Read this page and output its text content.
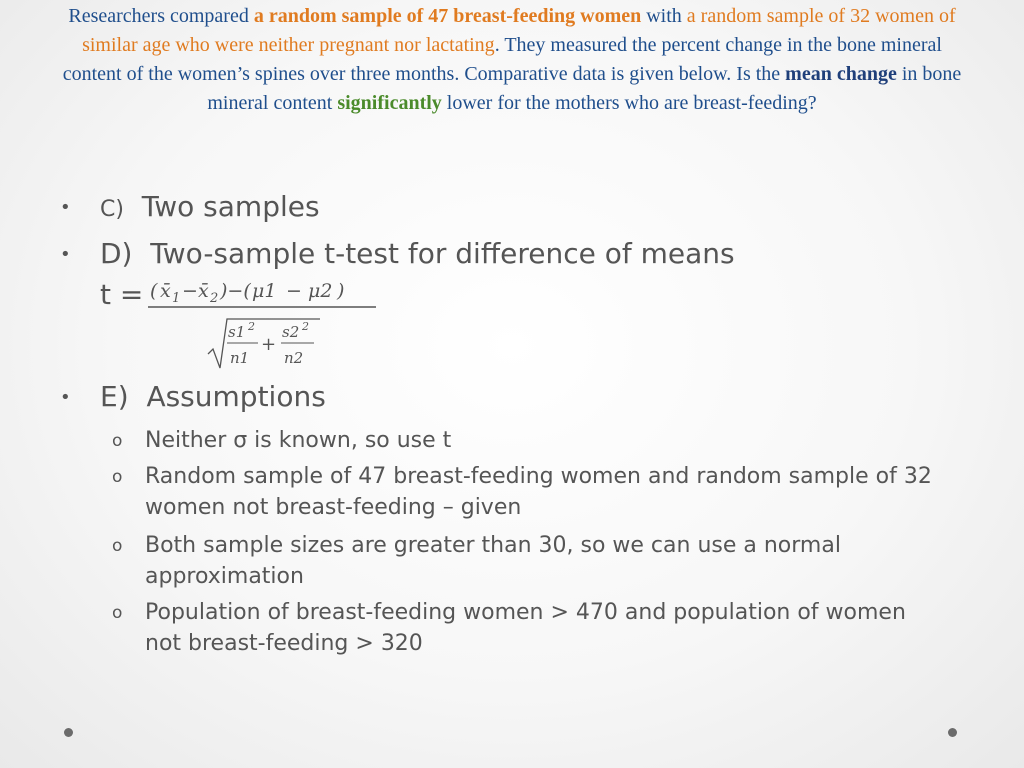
Researchers compared a random sample of 47 breast-feeding women with a random sample of 32 women of similar age who were neither pregnant nor lactating. They measured the percent change in the bone mineral content of the women’s spines over three months. Comparative data is given below. Is the mean change in bone mineral content significantly lower for the mothers who are breast-feeding?
• C) Two samples
• D) Two-sample t-test for difference of means
t = ( x̄ 1 − x̄ 2 )−( μ1 − μ2 )
s1 2
n1
+
s2 2
n2
• E) Assumptions
o Neither σ is known, so use t
o Random sample of 47 breast-feeding women and random sample of 32 women not breast-feeding – given
o Both sample sizes are greater than 30, so we can use a normal approximation
o Population of breast-feeding women > 470 and population of women not breast-feeding > 320
